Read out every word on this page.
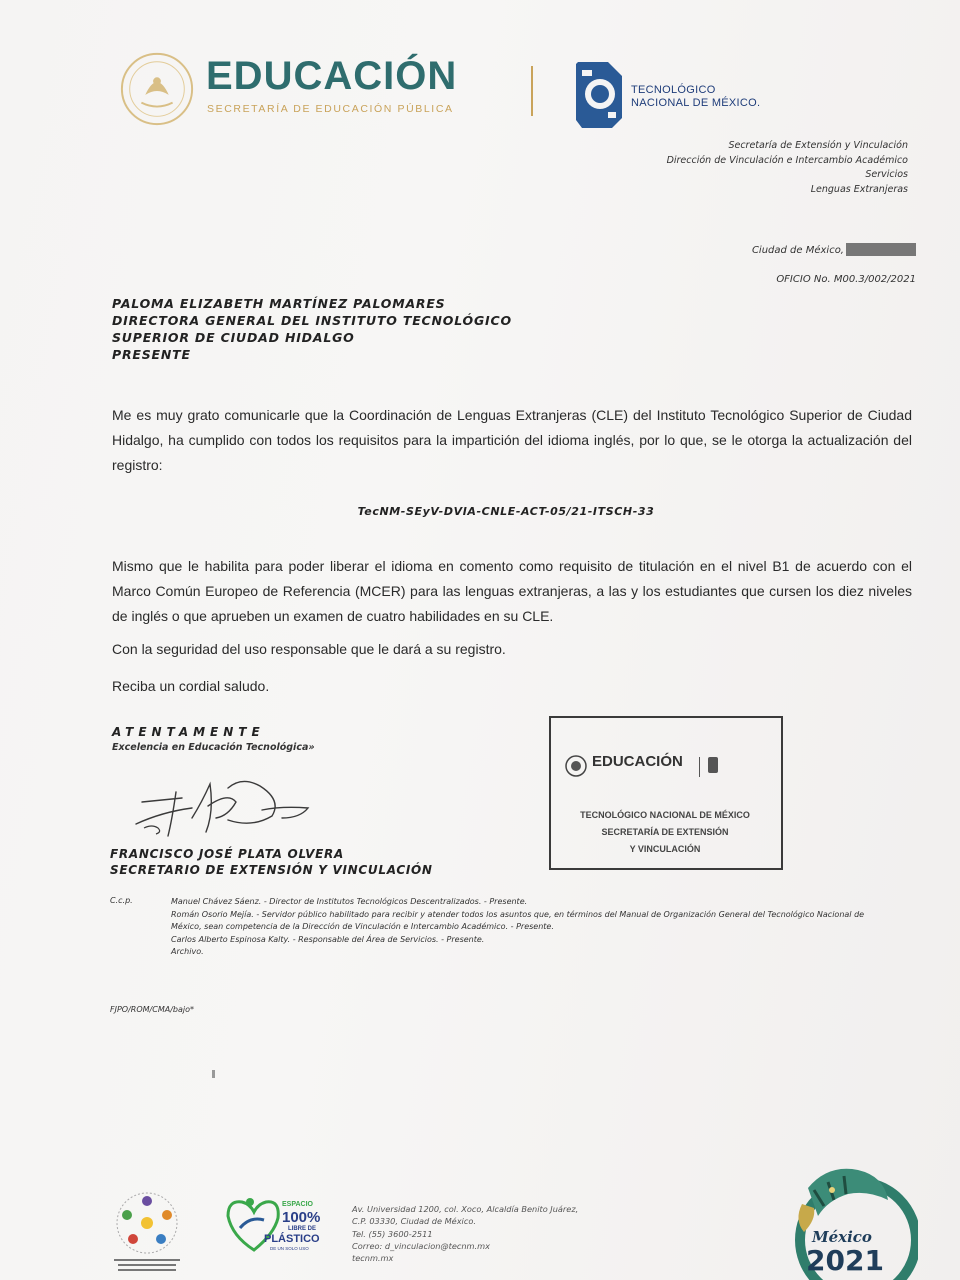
EDUCACIÓN
SECRETARÍA DE EDUCACIÓN PÚBLICA
TECNOLÓGICO
NACIONAL DE MÉXICO.
Secretaría de Extensión y Vinculación
Dirección de Vinculación e Intercambio Académico
Servicios
Lenguas Extranjeras
Ciudad de México,
OFICIO No. M00.3/002/2021
PALOMA ELIZABETH MARTÍNEZ PALOMARES
DIRECTORA GENERAL DEL INSTITUTO TECNOLÓGICO
SUPERIOR DE CIUDAD HIDALGO
PRESENTE

Me es muy grato comunicarle que la Coordinación de Lenguas Extranjeras (CLE) del Instituto Tecnológico Superior de Ciudad Hidalgo, ha cumplido con todos los requisitos para la impartición del idioma inglés, por lo que, se le otorga la actualización del registro:

TecNM-SEyV-DVIA-CNLE-ACT-05/21-ITSCH-33

Mismo que le habilita para poder liberar el idioma en comento como requisito de titulación en el nivel B1 de acuerdo con el Marco Común Europeo de Referencia (MCER) para las lenguas extranjeras, a las y los estudiantes que cursen los diez niveles de inglés o que aprueben un examen de cuatro habilidades en su CLE.

Con la seguridad del uso responsable que le dará a su registro.
Reciba un cordial saludo.
ATENTAMENTE
Excelencia en Educación Tecnológica»
FRANCISCO JOSÉ PLATA OLVERA
SECRETARIO DE EXTENSIÓN Y VINCULACIÓN
EDUCACIÓN
TECNOLÓGICO NACIONAL DE MÉXICO
SECRETARÍA DE EXTENSIÓN
Y VINCULACIÓN
C.c.p.	Manuel Chávez Sáenz. - Director de Institutos Tecnológicos Descentralizados. - Presente.
Román Osorio Mejía. - Servidor público habilitado para recibir y atender todos los asuntos que, en términos del Manual de Organización General del Tecnológico Nacional de
México, sean competencia de la Dirección de Vinculación e Intercambio Académico. - Presente.
Carlos Alberto Espinosa Kalty. - Responsable del Área de Servicios. - Presente.
Archivo.
FJPO/ROM/CMA/bajo*
ESPACIO
100%
LIBRE DE
PLÁSTICO
DE UN SOLO USO
Av. Universidad 1200, col. Xoco, Alcaldía Benito Juárez,
C.P. 03330, Ciudad de México.
Tel. (55) 3600-2511
Correo: d_vinculacion@tecnm.mx
tecnm.mx
México
2021
